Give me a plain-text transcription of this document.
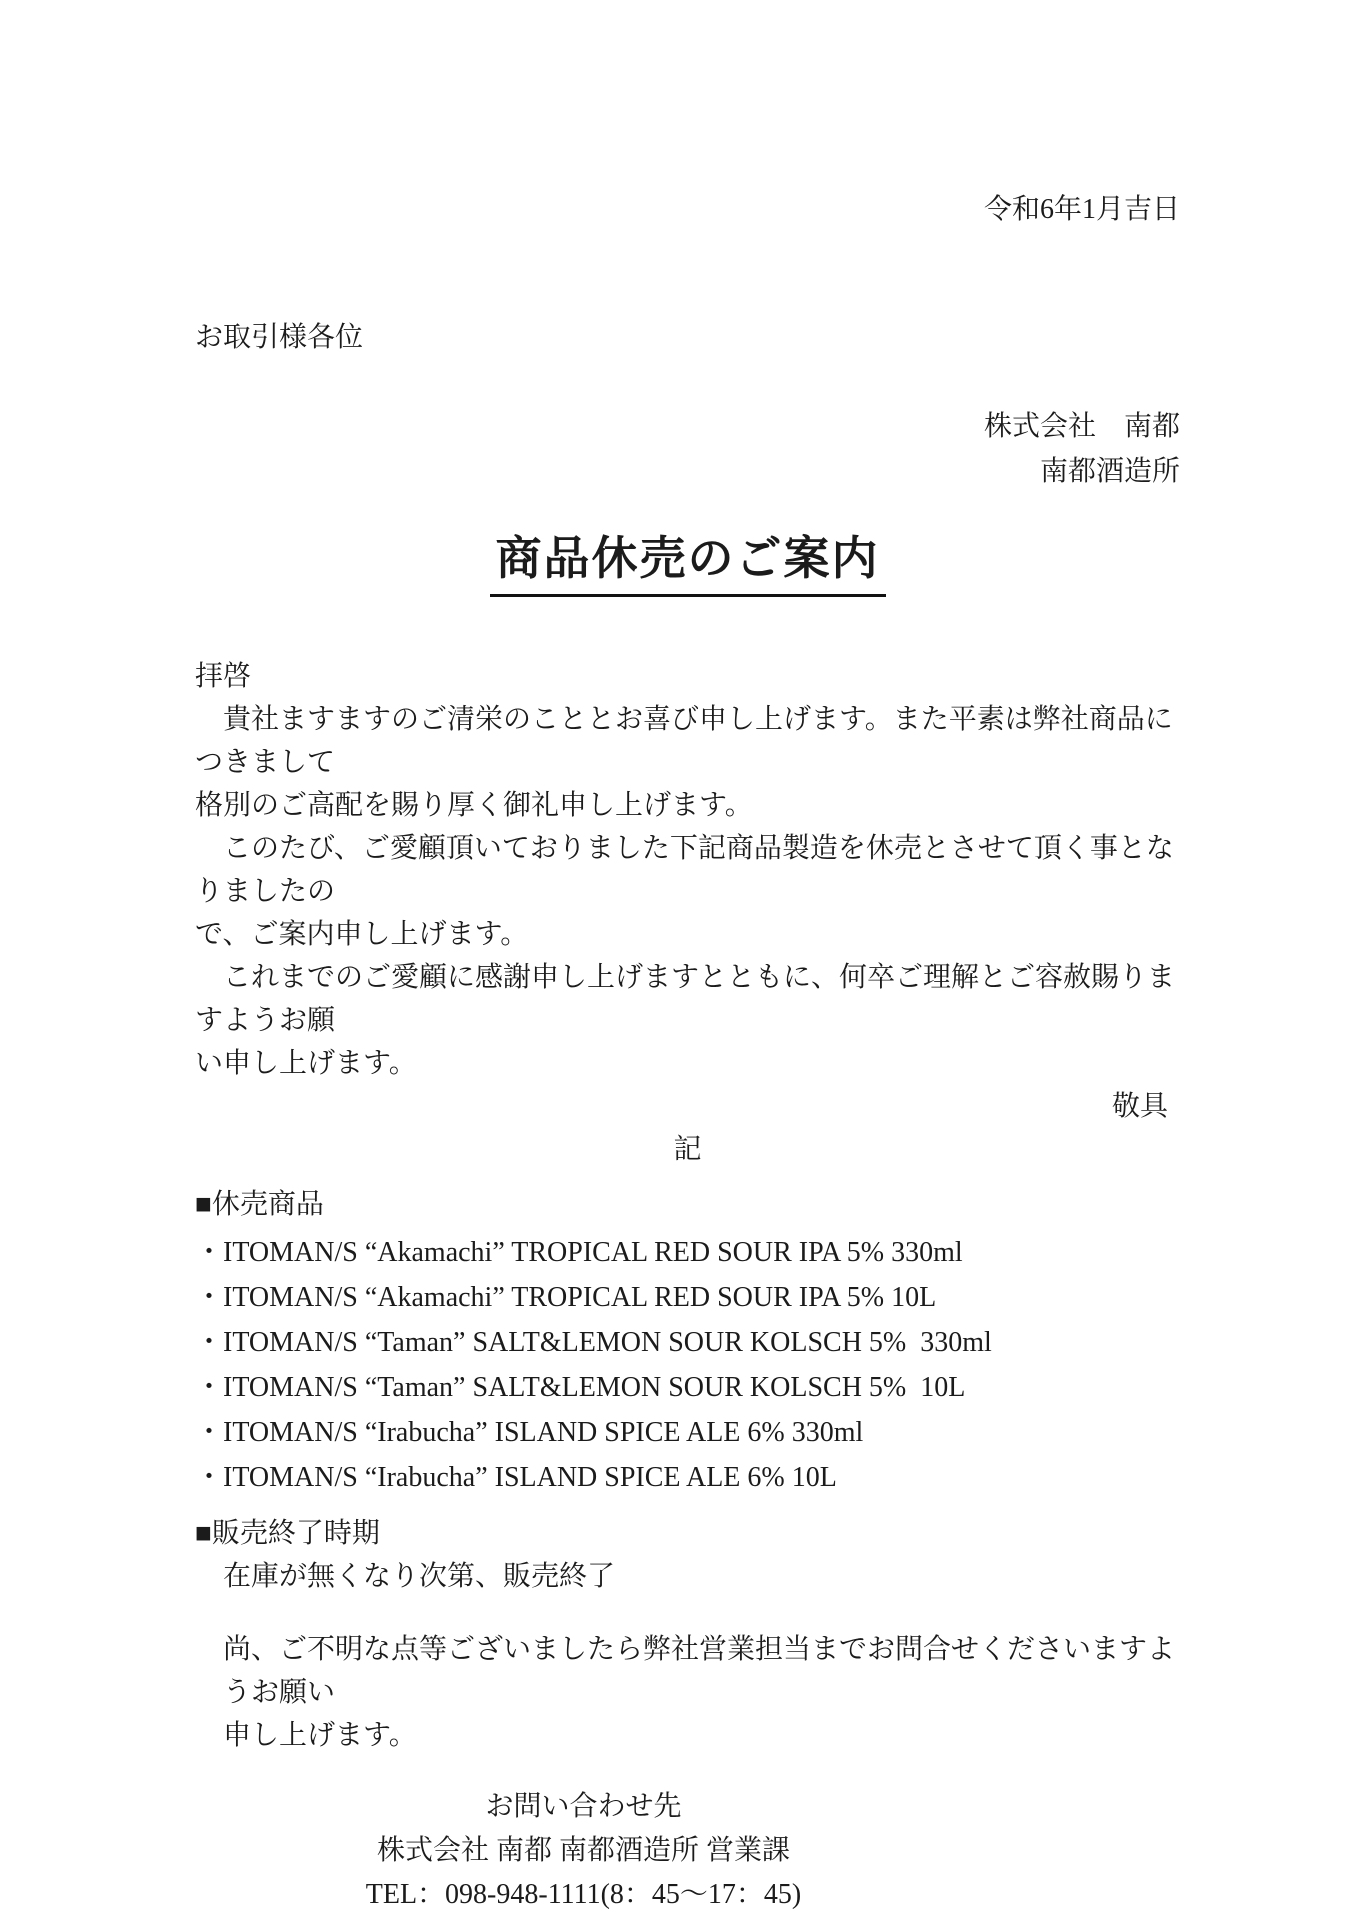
令和6年1月吉日
お取引様各位
株式会社　南都
南都酒造所
商品休売のご案内
拝啓
　貴社ますますのご清栄のこととお喜び申し上げます。また平素は弊社商品につきまして
格別のご高配を賜り厚く御礼申し上げます。
　このたび、ご愛顧頂いておりました下記商品製造を休売とさせて頂く事となりましたの
で、ご案内申し上げます。
　これまでのご愛顧に感謝申し上げますとともに、何卒ご理解とご容赦賜りますようお願
い申し上げます。
敬具
記
■休売商品
・ITOMAN/S “Akamachi” TROPICAL RED SOUR IPA 5% 330ml
・ITOMAN/S “Akamachi” TROPICAL RED SOUR IPA 5% 10L
・ITOMAN/S “Taman” SALT&LEMON SOUR KOLSCH 5%  330ml
・ITOMAN/S “Taman” SALT&LEMON SOUR KOLSCH 5%  10L
・ITOMAN/S “Irabucha” ISLAND SPICE ALE 6% 330ml
・ITOMAN/S “Irabucha” ISLAND SPICE ALE 6% 10L
■販売終了時期
在庫が無くなり次第、販売終了
尚、ご不明な点等ございましたら弊社営業担当までお問合せくださいますようお願い
申し上げます。
お問い合わせ先
株式会社 南都 南都酒造所 営業課
TEL：098-948-1111(8：45～17：45)
